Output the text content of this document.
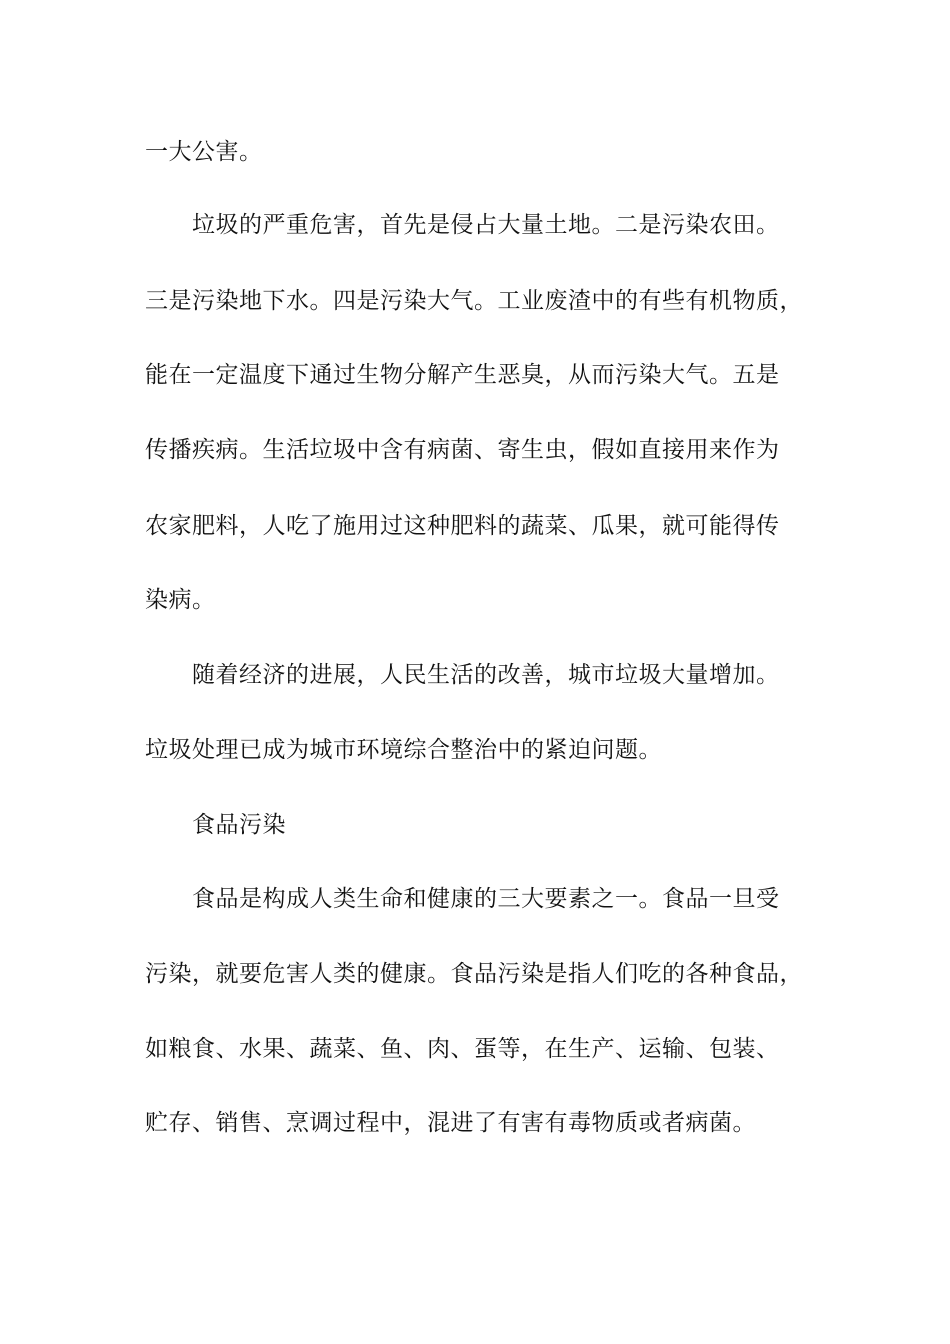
一大公害。

垃圾的严重危害，首先是侵占大量土地。二是污染农田。

三是污染地下水。四是污染大气。工业废渣中的有些有机物质，

能在一定温度下通过生物分解产生恶臭，从而污染大气。五是

传播疾病。生活垃圾中含有病菌、寄生虫，假如直接用来作为

农家肥料，人吃了施用过这种肥料的蔬菜、瓜果，就可能得传

染病。

随着经济的进展，人民生活的改善，城市垃圾大量增加。

垃圾处理已成为城市环境综合整治中的紧迫问题。

食品污染

食品是构成人类生命和健康的三大要素之一。食品一旦受

污染，就要危害人类的健康。食品污染是指人们吃的各种食品，

如粮食、水果、蔬菜、鱼、肉、蛋等，在生产、运输、包装、

贮存、销售、烹调过程中，混进了有害有毒物质或者病菌。
